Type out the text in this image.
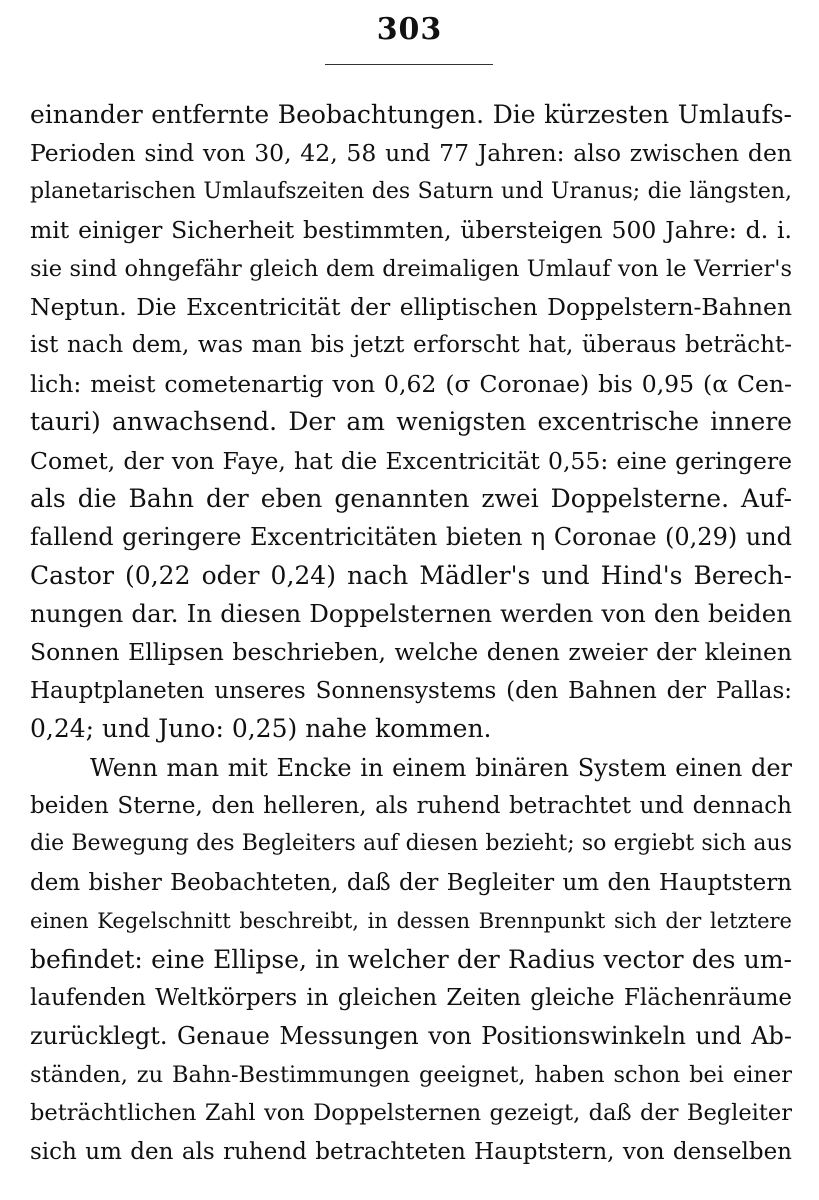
303
einander entfernte Beobachtungen. Die kürzesten Umlaufs-
Perioden sind von 30, 42, 58 und 77 Jahren: also zwischen den
planetarischen Umlaufszeiten des Saturn und Uranus; die längsten,
mit einiger Sicherheit bestimmten, übersteigen 500 Jahre: d. i.
sie sind ohngefähr gleich dem dreimaligen Umlauf von le Verrier's
Neptun. Die Excentricität der elliptischen Doppelstern-Bahnen
ist nach dem, was man bis jetzt erforscht hat, überaus beträcht-
lich: meist cometenartig von 0,62 (σ Coronae) bis 0,95 (α Cen-
tauri) anwachsend. Der am wenigsten excentrische innere
Comet, der von Faye, hat die Excentricität 0,55: eine geringere
als die Bahn der eben genannten zwei Doppelsterne. Auf-
fallend geringere Excentricitäten bieten η Coronae (0,29) und
Castor (0,22 oder 0,24) nach Mädler's und Hind's Berech-
nungen dar. In diesen Doppelsternen werden von den beiden
Sonnen Ellipsen beschrieben, welche denen zweier der kleinen
Hauptplaneten unseres Sonnensystems (den Bahnen der Pallas:
0,24; und Juno: 0,25) nahe kommen.
Wenn man mit Encke in einem binären System einen der
beiden Sterne, den helleren, als ruhend betrachtet und dennach
die Bewegung des Begleiters auf diesen bezieht; so ergiebt sich aus
dem bisher Beobachteten, daß der Begleiter um den Hauptstern
einen Kegelschnitt beschreibt, in dessen Brennpunkt sich der letztere
befindet: eine Ellipse, in welcher der Radius vector des um-
laufenden Weltkörpers in gleichen Zeiten gleiche Flächenräume
zurücklegt. Genaue Messungen von Positionswinkeln und Ab-
ständen, zu Bahn-Bestimmungen geeignet, haben schon bei einer
beträchtlichen Zahl von Doppelsternen gezeigt, daß der Begleiter
sich um den als ruhend betrachteten Hauptstern, von denselben
